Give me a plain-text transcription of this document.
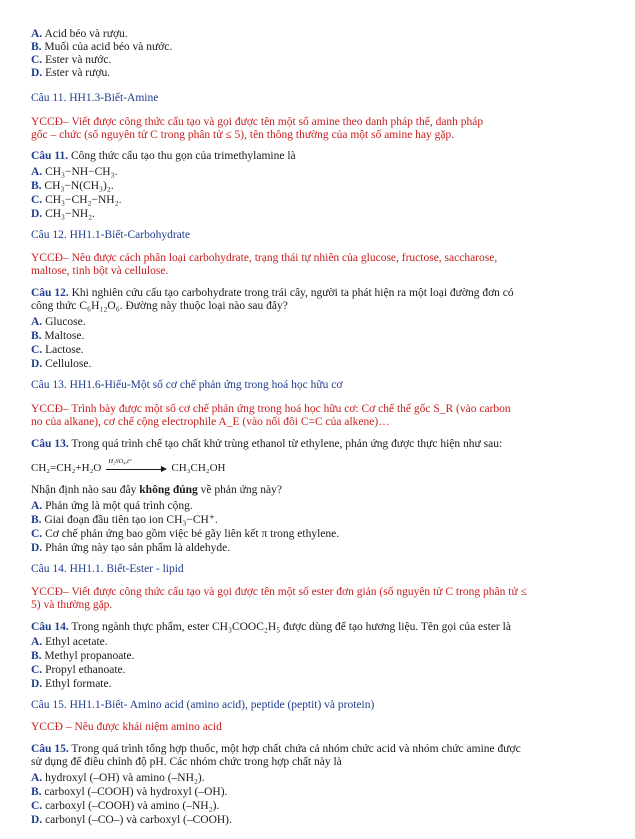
A. Acid béo và rượu.
B. Muối của acid béo và nước.
C. Ester và nước.
D. Ester và rượu.
Câu 11. HH1.3-Biết-Amine
YCCĐ– Viết được công thức cấu tạo và gọi được tên một số amine theo danh pháp thế, danh pháp
gốc – chức (số nguyên tử C trong phân tử ≤ 5), tên thông thường của một số amine hay gặp.
Câu 11. Công thức cấu tạo thu gọn của trimethylamine là
A. CH₃−NH−CH₃.
B. CH₃−N(CH₃)₂.
C. CH₃−CH₂−NH₂.
D. CH₃−NH₂.
Câu 12. HH1.1-Biết-Carbohydrate
YCCĐ– Nêu được cách phân loại carbohydrate, trạng thái tự nhiên của glucose, fructose, saccharose,
maltose, tinh bột và cellulose.
Câu 12. Khi nghiên cứu cấu tạo carbohydrate trong trái cây, người ta phát hiện ra một loại đường đơn có
công thức C₆H₁₂O₆. Đường này thuộc loại nào sau đây?
A. Glucose.
B. Maltose.
C. Lactose.
D. Cellulose.
Câu 13. HH1.6-Hiểu-Một số cơ chế phản ứng trong hoá học hữu cơ
YCCĐ– Trình bày được một số cơ chế phản ứng trong hoá học hữu cơ: Cơ chế thế gốc S_R (vào carbon
no của alkane), cơ chế cộng electrophile A_E (vào nối đôi C=C của alkene)…
Câu 13. Trong quá trình chế tạo chất khử trùng ethanol từ ethylene, phản ứng được thực hiện như sau:
CH₂=CH₂+H₂O
H₂SO₄,t°
CH₃CH₂OH
Nhận định nào sau đây không đúng về phản ứng này?
A. Phản ứng là một quá trình cộng.
B. Giai đoạn đầu tiên tạo ion CH₃−CH⁺.
C. Cơ chế phản ứng bao gồm việc bẻ gãy liên kết π trong ethylene.
D. Phản ứng này tạo sản phẩm là aldehyde.
Câu 14. HH1.1. Biết-Ester - lipid
YCCĐ– Viết được công thức cấu tạo và gọi được tên một số ester đơn giản (số nguyên tử C trong phân tử ≤
5) và thường gặp.
Câu 14. Trong ngành thực phẩm, ester CH₃COOC₂H₅ được dùng để tạo hương liệu. Tên gọi của ester là
A. Ethyl acetate.
B. Methyl propanoate.
C. Propyl ethanoate.
D. Ethyl formate.
Câu 15. HH1.1-Biết- Amino acid (amino acid), peptide (peptit) và protein)
YCCĐ – Nêu được khái niệm amino acid
Câu 15. Trong quá trình tổng hợp thuốc, một hợp chất chứa cả nhóm chức acid và nhóm chức amine được
sử dụng để điều chỉnh độ pH. Các nhóm chức trong hợp chất này là
A. hydroxyl (–OH) và amino (–NH₂).
B. carboxyl (–COOH) và hydroxyl (–OH).
C. carboxyl (–COOH) và amino (–NH₂).
D. carbonyl (–CO–) và carboxyl (–COOH).
